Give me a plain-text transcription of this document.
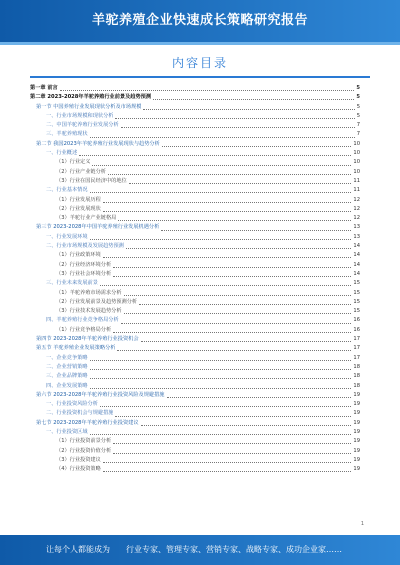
羊驼养殖企业快速成长策略研究报告
内容目录
第一章 前言	5
第二章 2023-2028年羊驼养殖行业前景及趋势预测	5
第一节 中国养殖行业发展现状分析及市场规模	5
一、行业市场规模和现状分析	5
二、中国羊驼养殖行业发展分析	7
三、羊驼养殖现状	7
第二节 我国2023年羊驼养殖行业发展现状与趋势分析	10
一、行业概述	10
（1）行业定义	10
（2）行业产业链分析	10
（3）行业在国民经济中的地位	11
二、行业基本情况	11
（1）行业发展历程	12
（2）行业发展现状	12
（3）羊驼行业产业链格局	12
第三节 2023-2028年中国羊驼养殖行业发展机遇分析	13
一、行业发展环境	13
二、行业市场规模及发展趋势预测	14
（1）行业政策环境	14
（2）行业经济环境分析	14
（3）行业社会环境分析	14
三、行业未来发展前景	15
（1）羊驼养殖市场需求分析	15
（2）行业发展前景及趋势预测分析	15
（3）行业技术发展趋势分析	15
四、羊驼养殖行业竞争格局分析	16
（1）行业竞争格局分析	16
第四节 2023-2028年羊驼养殖行业投资机会	17
第五节 羊驼养殖企业发展策略分析	17
一、企业竞争策略	17
二、企业营销策略	18
三、企业品牌策略	18
四、企业发展策略	18
第六节 2023-2028年羊驼养殖行业投资风险及规避措施	19
一、行业投资风险分析	19
二、行业投资机会与规避措施	19
第七节 2023-2028年羊驼养殖行业投资建议	19
一、行业投资区域	19
（1）行业投资前景分析	19
（2）行业投资价值分析	19
（3）行业投资建议	19
（4）行业投资策略	19
1
让每个人都能成为 行业专家、管理专家、营销专家、战略专家、成功企业家……
